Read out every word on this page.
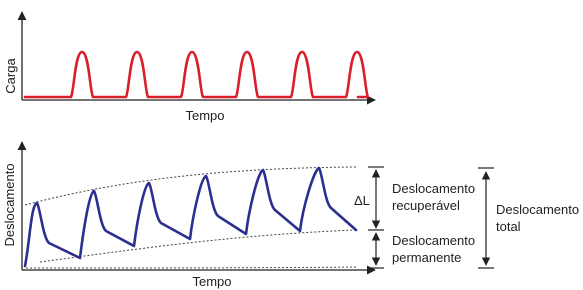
Carga
Tempo
Deslocamento
Tempo
ΔL
Deslocamento
recuperável
Deslocamento
permanente
Deslocamento
total
